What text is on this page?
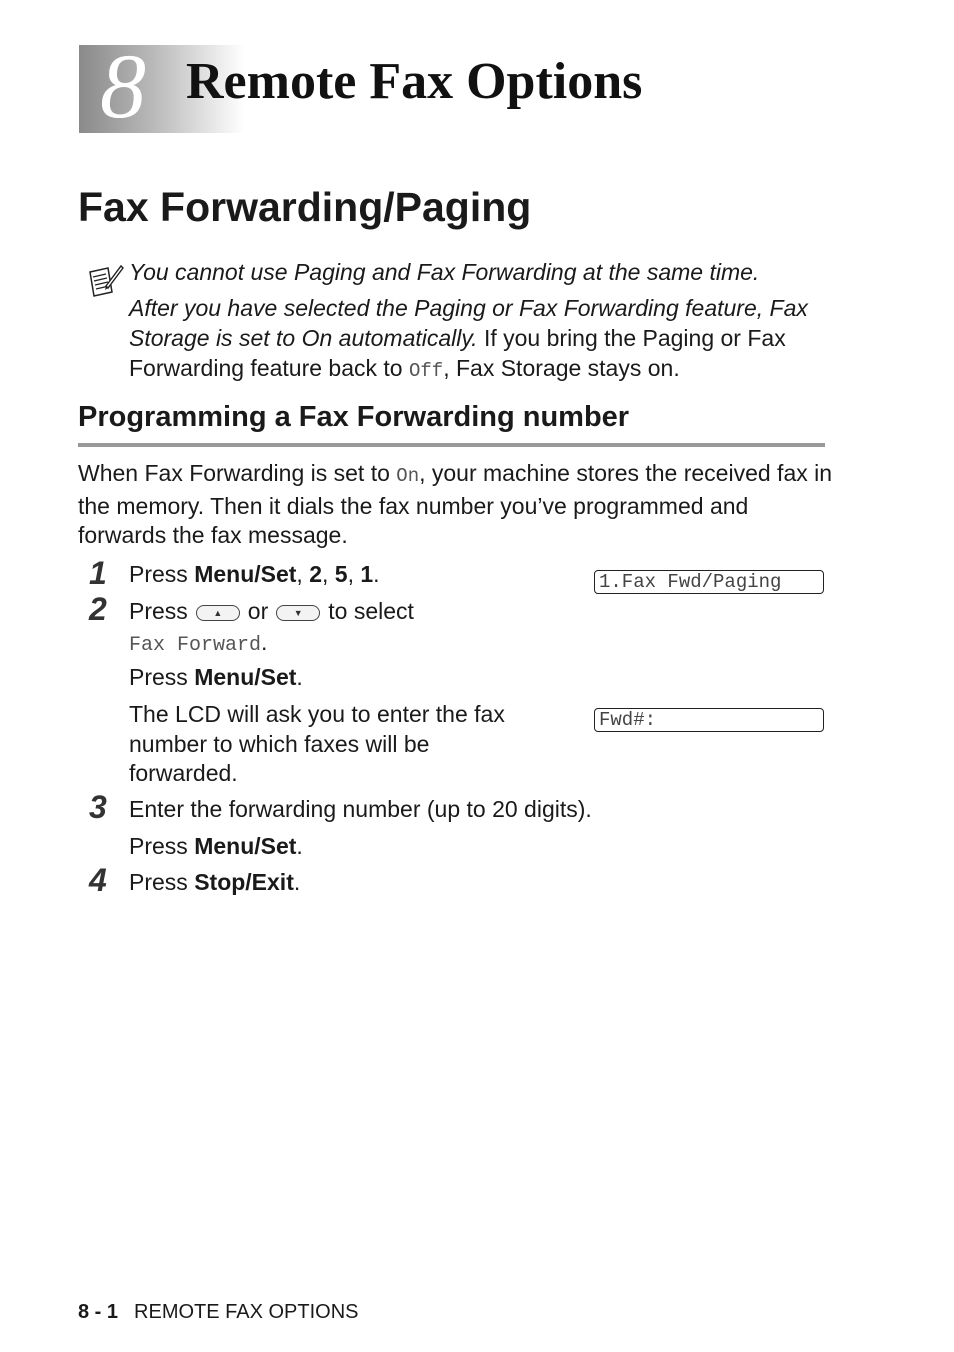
8 Remote Fax Options
Fax Forwarding/Paging

You cannot use Paging and Fax Forwarding at the same time.

After you have selected the Paging or Fax Forwarding feature, Fax Storage is set to On automatically. If you bring the Paging or Fax Forwarding feature back to Off, Fax Storage stays on.

Programming a Fax Forwarding number

When Fax Forwarding is set to On, your machine stores the received fax in the memory. Then it dials the fax number you’ve programmed and forwards the fax message.

1 Press Menu/Set, 2, 5, 1.	1.Fax Fwd/Paging
2 Press	▲	or	▼	to select
Fax Forward.
Press Menu/Set.
The LCD will ask you to enter the fax number to which faxes will be forwarded.
Fwd#:
3 Enter the forwarding number (up to 20 digits).
Press Menu/Set.
4 Press Stop/Exit.
8 - 1 REMOTE FAX OPTIONS
